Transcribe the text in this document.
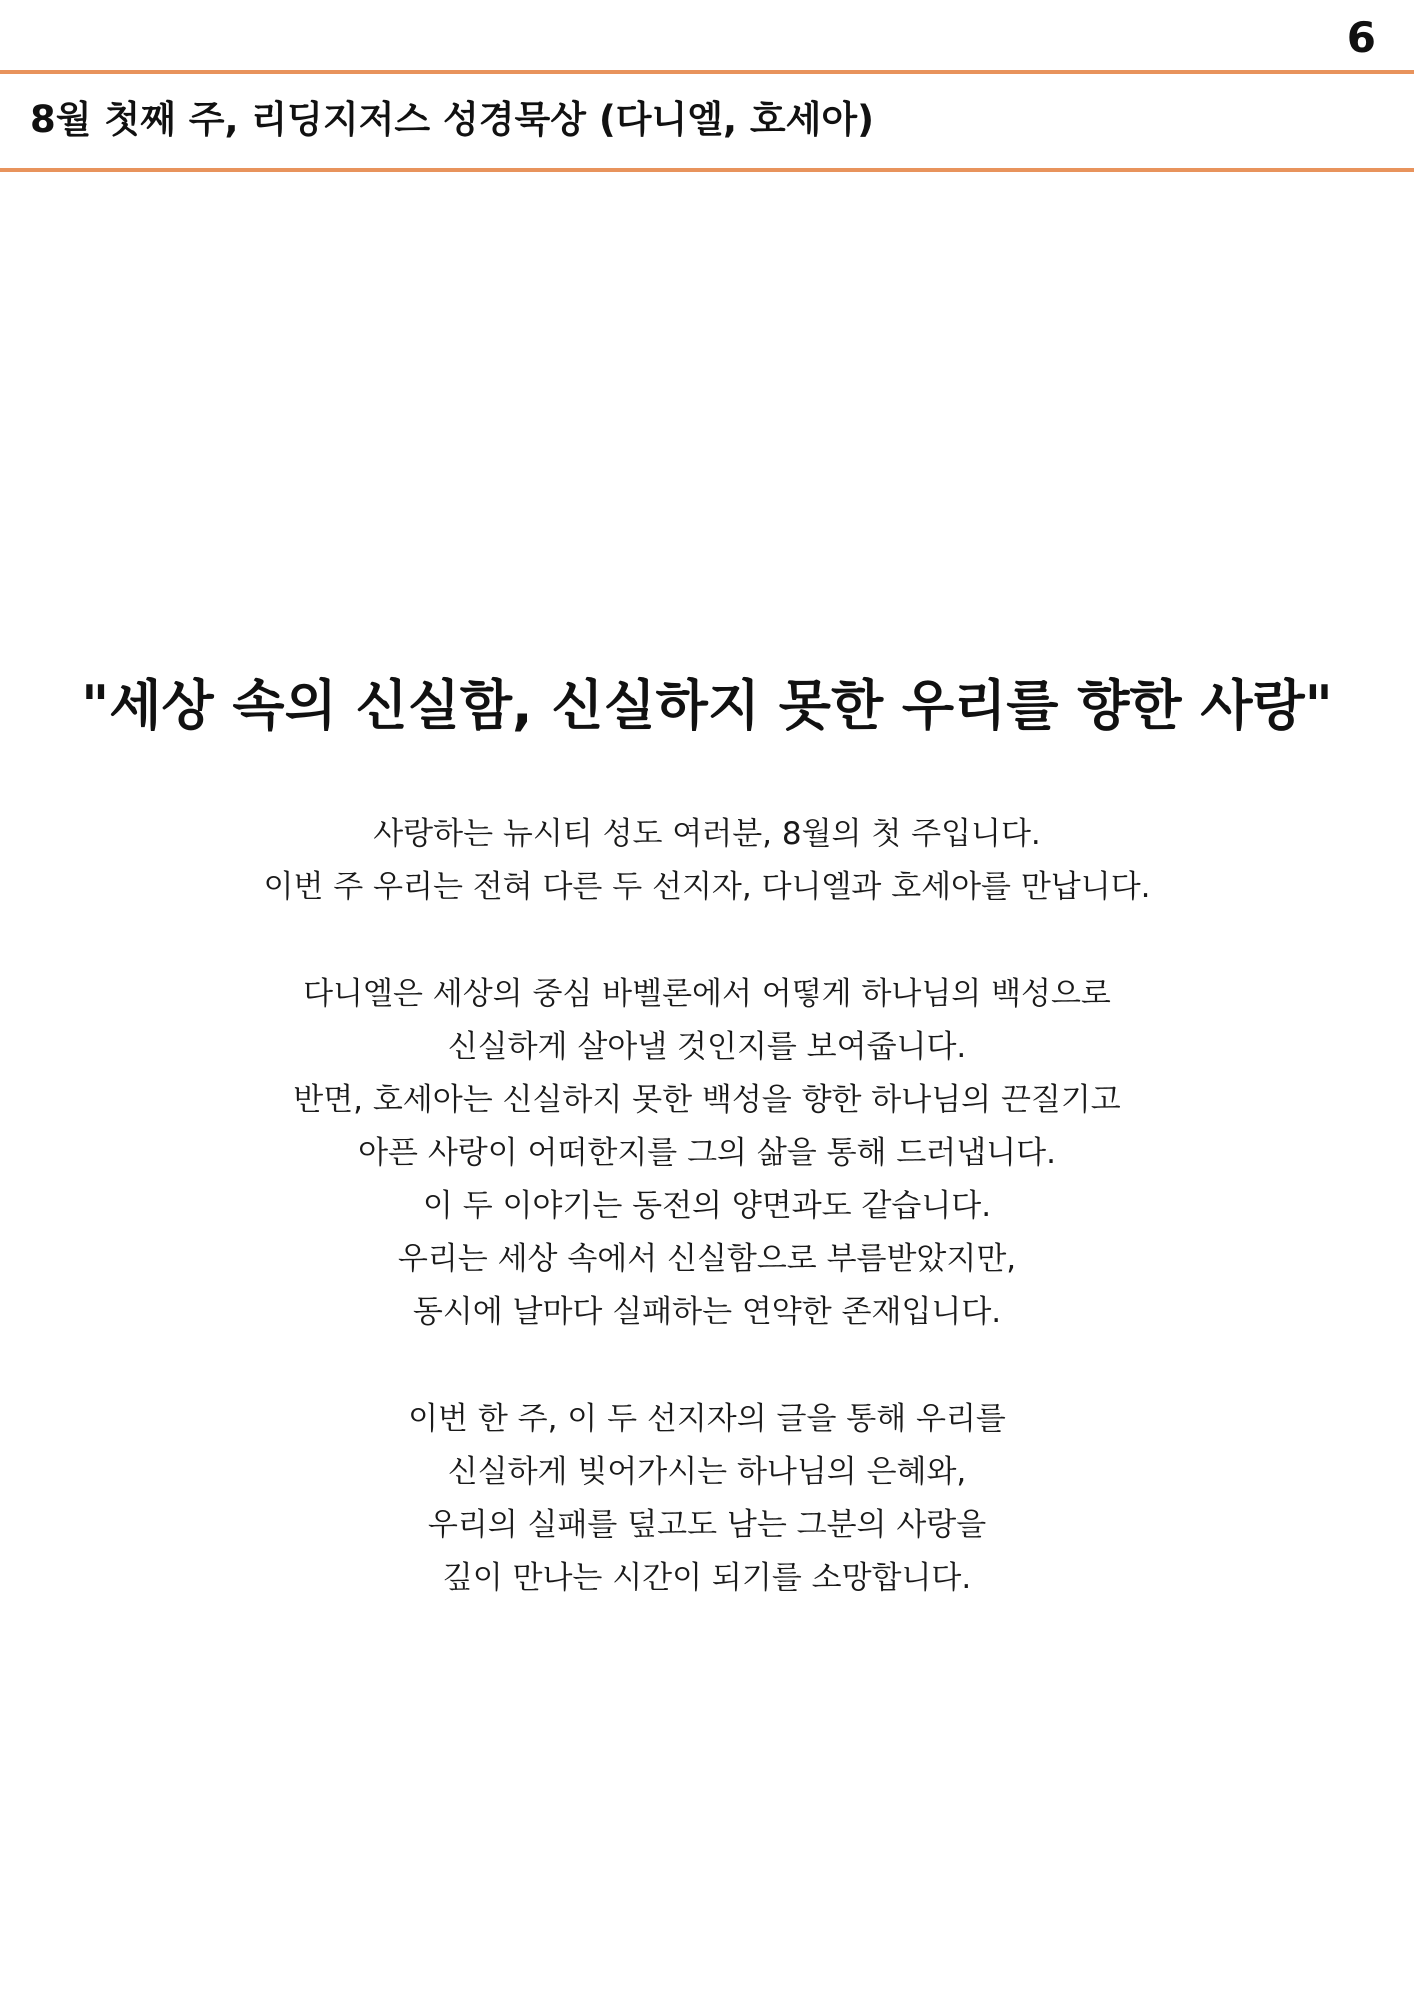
6
8월 첫째 주, 리딩지저스 성경묵상 (다니엘, 호세아)
"세상 속의 신실함, 신실하지 못한 우리를 향한 사랑"
사랑하는 뉴시티 성도 여러분, 8월의 첫 주입니다.
이번 주 우리는 전혀 다른 두 선지자, 다니엘과 호세아를 만납니다.
다니엘은 세상의 중심 바벨론에서 어떻게 하나님의 백성으로
신실하게 살아낼 것인지를 보여줍니다.
반면, 호세아는 신실하지 못한 백성을 향한 하나님의 끈질기고
아픈 사랑이 어떠한지를 그의 삶을 통해 드러냅니다.
이 두 이야기는 동전의 양면과도 같습니다.
우리는 세상 속에서 신실함으로 부름받았지만,
동시에 날마다 실패하는 연약한 존재입니다.
이번 한 주, 이 두 선지자의 글을 통해 우리를
신실하게 빚어가시는 하나님의 은혜와,
우리의 실패를 덮고도 남는 그분의 사랑을
깊이 만나는 시간이 되기를 소망합니다.
